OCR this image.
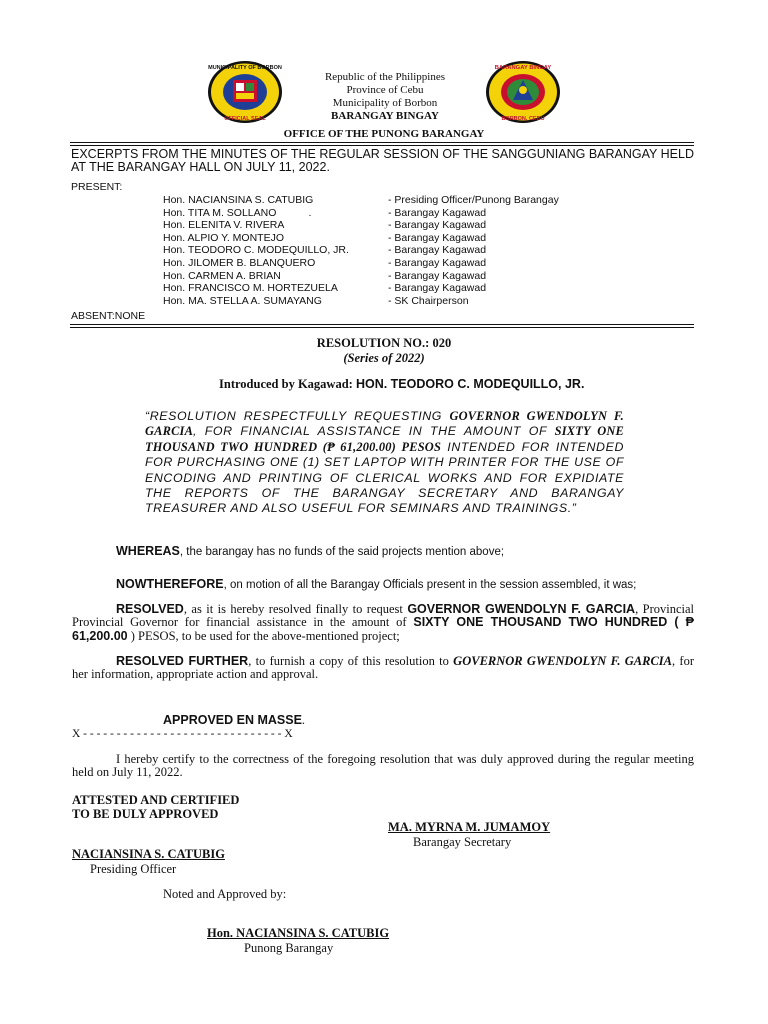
MUNICIPALITY OF BORBON
OFFICIAL SEAL
BARANGAY BINGAY
BORBON, CEBU
Republic of the Philippines
Province of Cebu
Municipality of Borbon
BARANGAY BINGAY
OFFICE OF THE PUNONG BARANGAY
EXCERPTS FROM THE MINUTES OF THE REGULAR SESSION OF THE SANGGUNIANG BARANGAY HELD AT THE BARANGAY HALL ON JULY 11, 2022.
PRESENT:
Hon. NACIANSINA S. CATUBIG	- Presiding Officer/Punong Barangay
Hon. TITA M. SOLLANO           .	- Barangay Kagawad
Hon. ELENITA V. RIVERA	- Barangay Kagawad
Hon. ALPIO Y. MONTEJO	- Barangay Kagawad
Hon. TEODORO C. MODEQUILLO, JR.	- Barangay Kagawad
Hon. JILOMER B. BLANQUERO	- Barangay Kagawad
Hon. CARMEN A. BRIAN	- Barangay Kagawad
Hon. FRANCISCO M. HORTEZUELA	- Barangay Kagawad
Hon. MA. STELLA A. SUMAYANG	- SK Chairperson
ABSENT:NONE
RESOLUTION NO.: 020
(Series of 2022)
Introduced by Kagawad: HON. TEODORO C. MODEQUILLO, JR.
“RESOLUTION RESPECTFULLY REQUESTING GOVERNOR GWENDOLYN F. GARCIA, FOR FINANCIAL ASSISTANCE IN THE AMOUNT OF SIXTY ONE THOUSAND TWO HUNDRED (₱ 61,200.00) PESOS INTENDED FOR INTENDED FOR PURCHASING ONE (1) SET LAPTOP WITH PRINTER FOR THE USE OF ENCODING AND PRINTING OF CLERICAL WORKS AND FOR EXPIDIATE THE REPORTS OF THE BARANGAY SECRETARY AND BARANGAY TREASURER AND ALSO USEFUL FOR SEMINARS AND TRAININGS.”
WHEREAS, the barangay has no funds of the said projects mention above;
NOWTHEREFORE, on motion of all the Barangay Officials present in the session assembled, it was;
RESOLVED, as it is hereby resolved finally to request GOVERNOR GWENDOLYN F. GARCIA, Provincial Provincial Governor for financial assistance in the amount of SIXTY ONE THOUSAND TWO HUNDRED ( ₱ 61,200.00 ) PESOS, to be used for the above-mentioned project;
RESOLVED FURTHER, to furnish a copy of this resolution to GOVERNOR GWENDOLYN F. GARCIA, for her information, appropriate action and approval.
APPROVED EN MASSE.
X - - - - - - - - - - - - - - - - - - - - - - - - - - - - - - X
I hereby certify to the correctness of the foregoing resolution that was duly approved during the regular meeting held on July 11, 2022.
ATTESTED AND CERTIFIED
TO BE DULY APPROVED
MA. MYRNA M. JUMAMOY
Barangay Secretary
NACIANSINA S. CATUBIG
Presiding Officer
Noted and Approved by:
Hon. NACIANSINA S. CATUBIG
Punong Barangay
